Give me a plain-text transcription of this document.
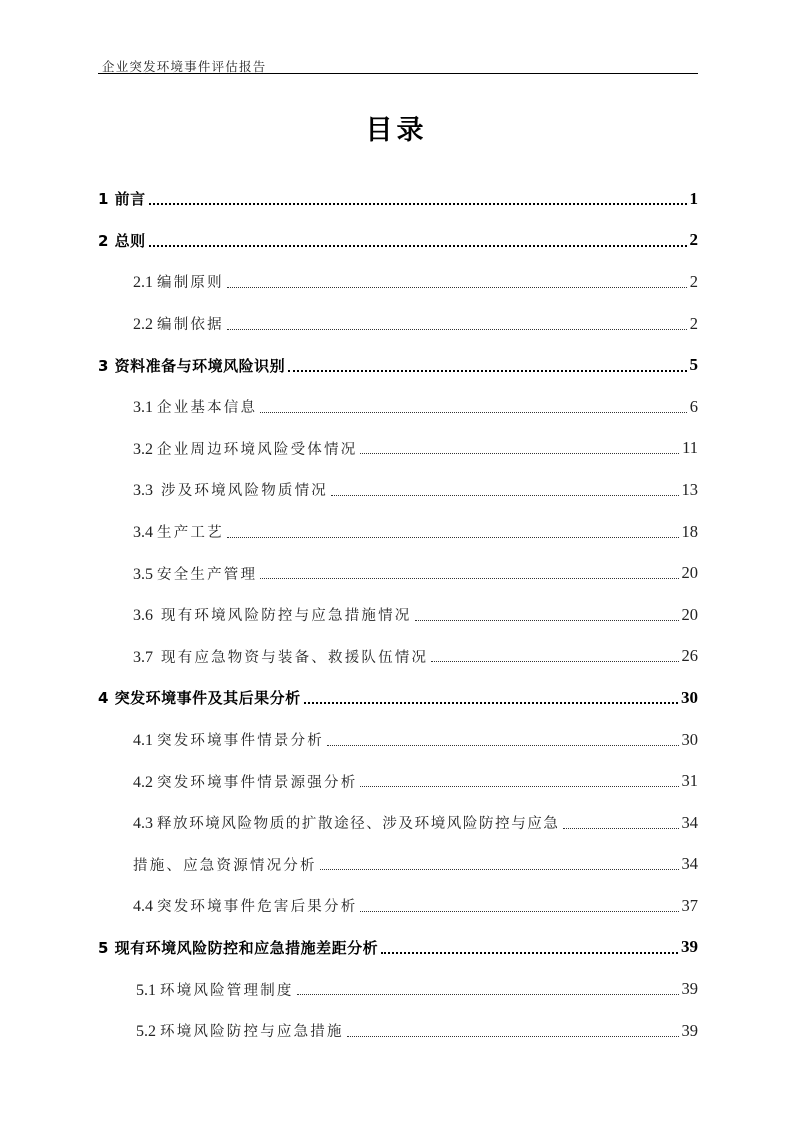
企业突发环境事件评估报告
目录
1 前言	1
2 总则	2
2.1 编制原则	2
2.2 编制依据	2
3 资料准备与环境风险识别	5
3.1 企业基本信息	6
3.2 企业周边环境风险受体情况	11
3.3  涉及环境风险物质情况	13
3.4 生产工艺	18
3.5 安全生产管理	20
3.6  现有环境风险防控与应急措施情况	20
3.7  现有应急物资与装备、救援队伍情况	26
4 突发环境事件及其后果分析	30
4.1 突发环境事件情景分析	30
4.2 突发环境事件情景源强分析	31
4.3 释放环境风险物质的扩散途径、涉及环境风险防控与应急	34
措施、应急资源情况分析	34
4.4 突发环境事件危害后果分析	37
5 现有环境风险防控和应急措施差距分析	39
5.1 环境风险管理制度	39
5.2 环境风险防控与应急措施	39
